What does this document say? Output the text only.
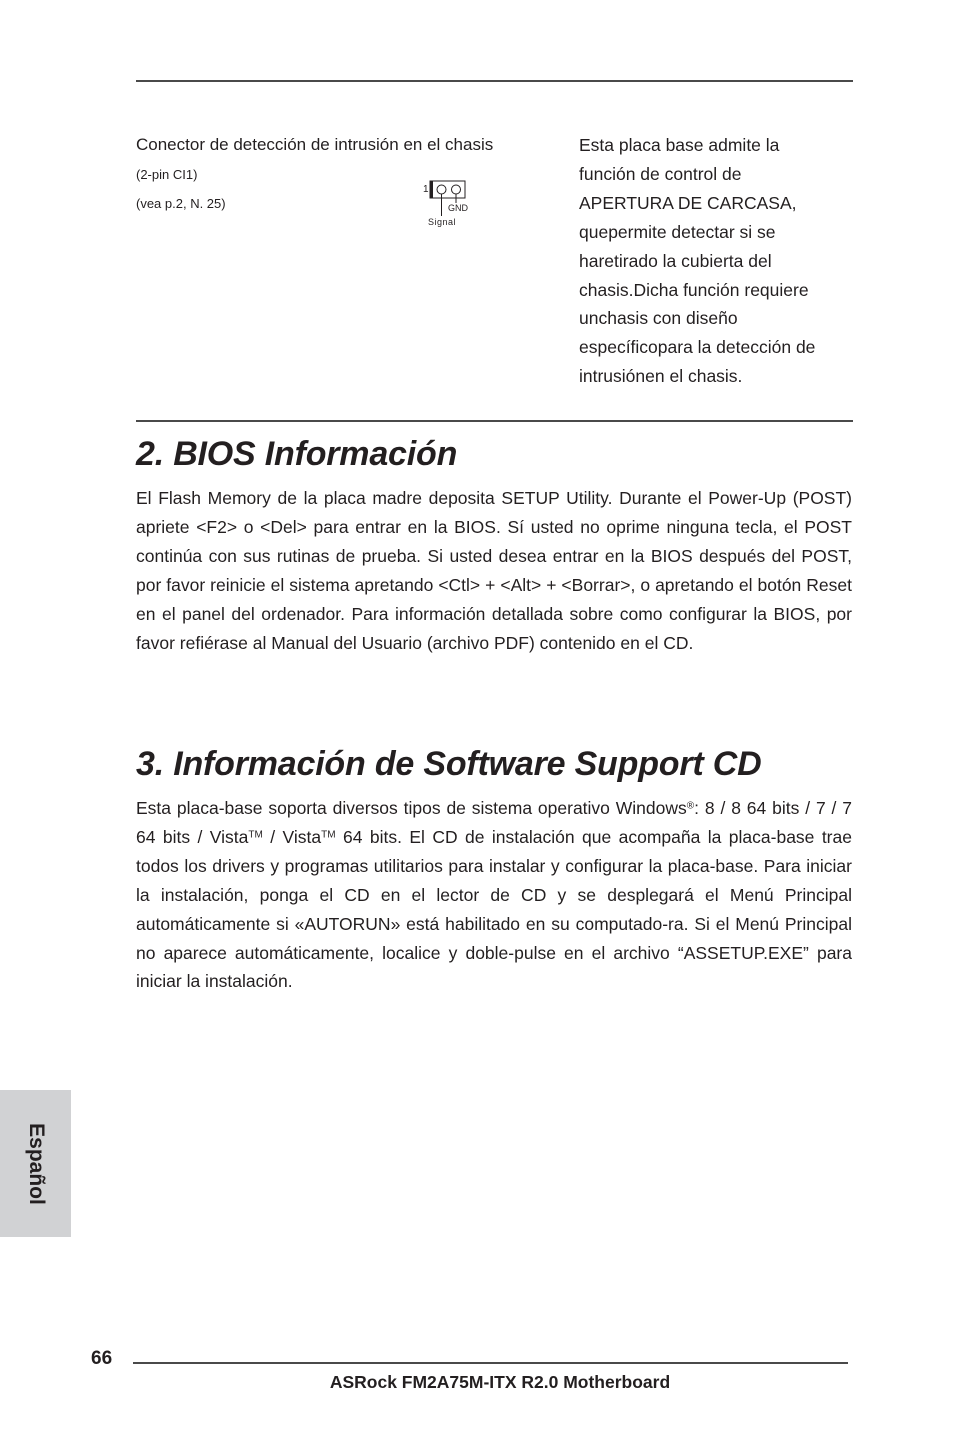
Conector de detección de intrusión en el chasis
(2-pin CI1)
(vea p.2, N. 25)
1
GND
Signal
Esta placa base admite la
función de control de
APERTURA DE CARCASA,
quepermite detectar si se
haretirado la cubierta del
chasis.Dicha función requiere
unchasis con diseño
específicopara la detección de
intrusiónen el chasis.
2. BIOS Información
El Flash Memory de la placa madre deposita SETUP Utility. Durante el Power-Up (POST) apriete <F2> o <Del> para entrar en la BIOS. Sí usted no oprime ninguna tecla, el POST continúa con sus rutinas de prueba. Si usted desea entrar en la BIOS después del POST, por favor reinicie el sistema apretando <Ctl> + <Alt> + <Borrar>, o apretando el botón Reset en el panel del ordenador. Para información detallada sobre como configurar la BIOS, por favor refiérase al Manual del Usuario (archivo PDF) contenido en el CD.
3. Información de Software Support CD
Esta placa-base soporta diversos tipos de sistema operativo Windows®: 8 / 8 64 bits / 7 / 7 64 bits / Vista™ / Vista™ 64 bits. El CD de instalación que acompaña la placa-base trae todos los drivers y programas utilitarios para instalar y configurar la placa-base. Para iniciar la instalación, ponga el CD en el lector de CD y se desplegará el Menú Principal automáticamente si «AUTORUN» está habilitado en su computado-ra. Si el Menú Principal no aparece automáticamente, localice y doble-pulse en el archivo “ASSETUP.EXE” para iniciar la instalación.
Español
66
ASRock FM2A75M-ITX R2.0 Motherboard
